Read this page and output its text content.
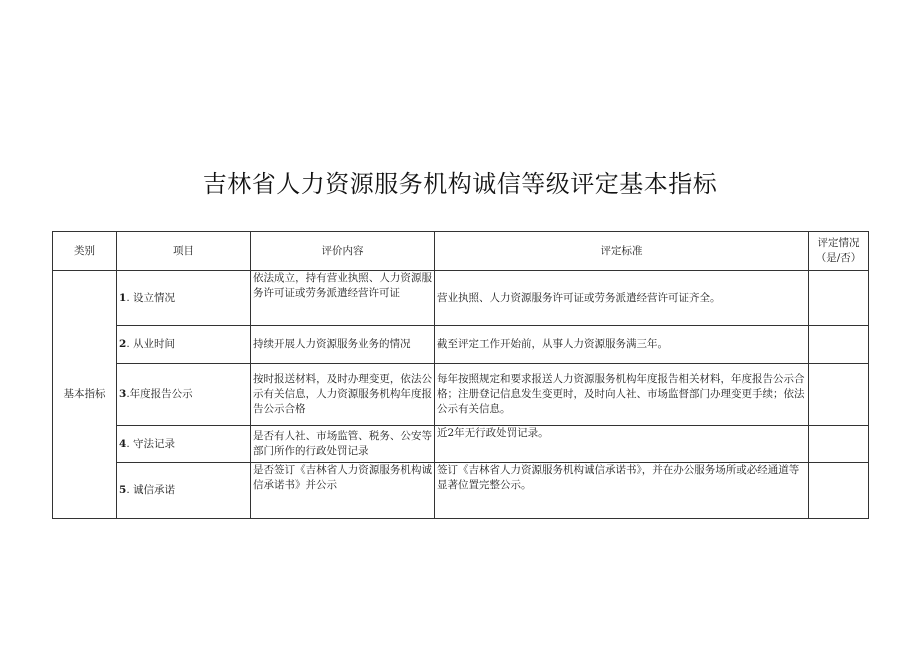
吉林省人力资源服务机构诚信等级评定基本指标
类别	项目	评价内容	评定标准	评定情况
（是/否）

基本指标	1. 设立情况	依法成立，持有营业执照、人力资源服务许可证或劳务派遣经营许可证	营业执照、人力资源服务许可证或劳务派遣经营许可证齐全。	
	2. 从业时间	持续开展人力资源服务业务的情况	截至评定工作开始前，从事人力资源服务满三年。	
	3.年度报告公示	按时报送材料，及时办理变更，依法公示有关信息，人力资源服务机构年度报告公示合格	每年按照规定和要求报送人力资源服务机构年度报告相关材料，年度报告公示合格；注册登记信息发生变更时，及时向人社、市场监督部门办理变更手续；依法公示有关信息。	
	4. 守法记录	是否有人社、市场监管、税务、公安等部门所作的行政处罚记录	近2年无行政处罚记录。	
	5. 诚信承诺	是否签订《吉林省人力资源服务机构诚信承诺书》并公示	签订《吉林省人力资源服务机构诚信承诺书》，并在办公服务场所或必经通道等显著位置完整公示。	
